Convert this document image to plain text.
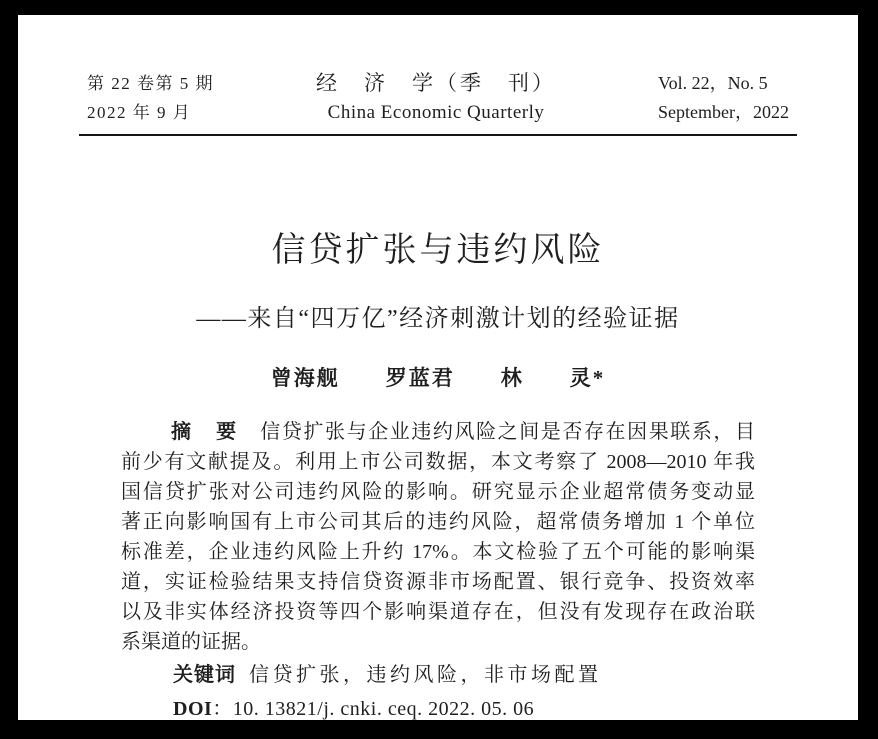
第 22 卷第 5 期
2022 年 9 月
经　济　学（季　刊）
China Economic Quarterly
Vol. 22，No. 5
September，2022
信贷扩张与违约风险
——来自“四万亿”经济刺激计划的经验证据
曾海舰　　罗蓝君　　林　　灵*
摘　要　信贷扩张与企业违约风险之间是否存在因果联系，目
前少有文献提及。利用上市公司数据，本文考察了 2008—2010 年我
国信贷扩张对公司违约风险的影响。研究显示企业超常债务变动显
著正向影响国有上市公司其后的违约风险，超常债务增加 1 个单位
标准差，企业违约风险上升约 17%。本文检验了五个可能的影响渠
道，实证检验结果支持信贷资源非市场配置、银行竞争、投资效率
以及非实体经济投资等四个影响渠道存在，但没有发现存在政治联
系渠道的证据。
关键词 信贷扩张，违约风险，非市场配置
DOI：10. 13821/j. cnki. ceq. 2022. 05. 06
